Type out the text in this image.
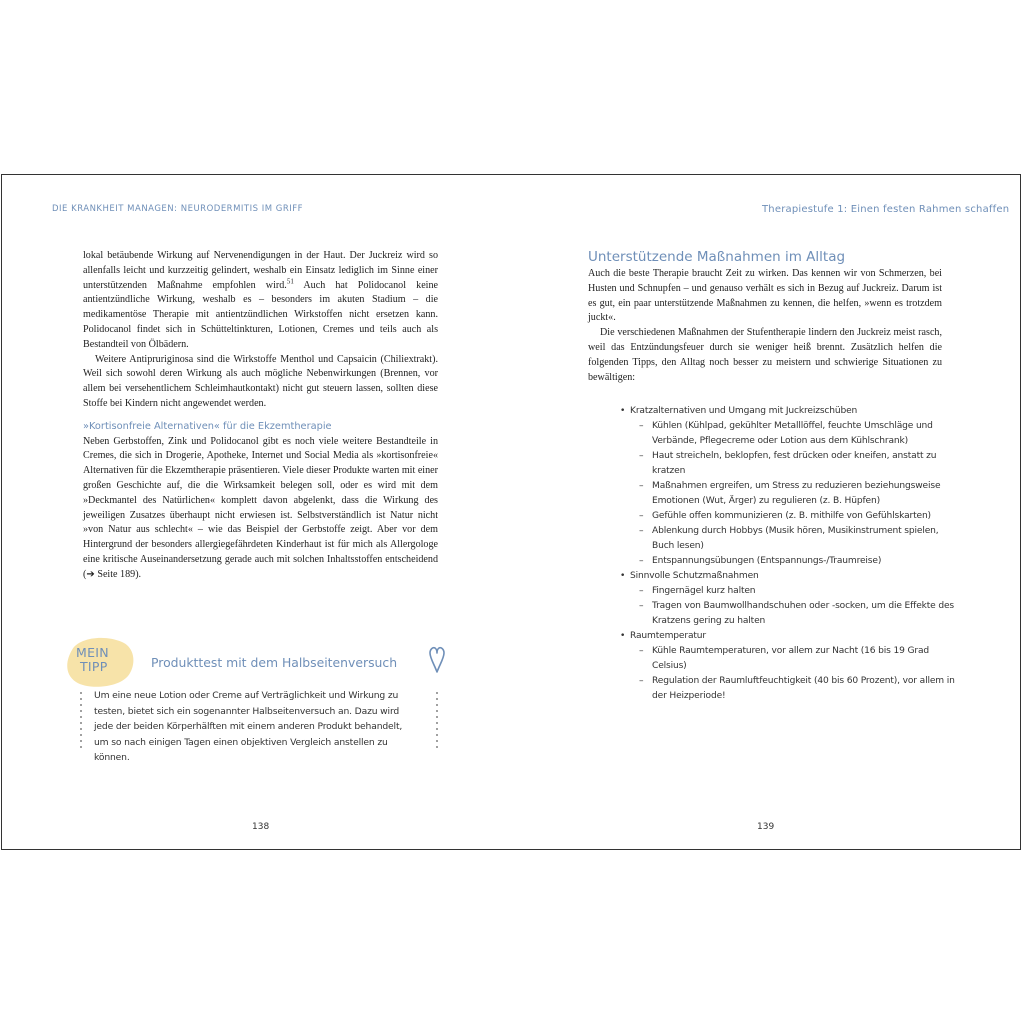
DIE KRANKHEIT MANAGEN: NEURODERMITIS IM GRIFF	Therapiestufe 1: Einen festen Rahmen schaffen

lokal betäubende Wirkung auf Nervenendigungen in der Haut. Der Juckreiz wird so allenfalls leicht und kurzzeitig gelindert, weshalb ein Einsatz lediglich im Sinne einer unterstützenden Maßnahme empfohlen wird.$^{51}$ Auch hat Polidocanol keine antientzündliche Wirkung, weshalb es – besonders im akuten Stadium – die medikamentöse Therapie mit antientzündlichen Wirkstoffen nicht ersetzen kann. Polidocanol findet sich in Schütteltinkturen, Lotionen, Cremes und teils auch als Bestandteil von Ölbädern.

Weitere Antipruriginosa sind die Wirkstoffe Menthol und Capsaicin (Chiliextrakt). Weil sich sowohl deren Wirkung als auch mögliche Nebenwirkungen (Brennen, vor allem bei versehentlichem Schleimhautkontakt) nicht gut steuern lassen, sollten diese Stoffe bei Kindern nicht angewendet werden.

»Kortisonfreie Alternativen« für die Ekzemtherapie

Neben Gerbstoffen, Zink und Polidocanol gibt es noch viele weitere Bestandteile in Cremes, die sich in Drogerie, Apotheke, Internet und Social Media als »kortisonfreie« Alternativen für die Ekzemtherapie präsentieren. Viele dieser Produkte warten mit einer großen Geschichte auf, die die Wirksamkeit belegen soll, oder es wird mit dem »Deckmantel des Natürlichen« komplett davon abgelenkt, dass die Wirkung des jeweiligen Zusatzes überhaupt nicht erwiesen ist. Selbstverständlich ist Natur nicht »von Natur aus schlecht« – wie das Beispiel der Gerbstoffe zeigt. Aber vor dem Hintergrund der besonders allergiegefährdeten Kinderhaut ist für mich als Allergologe eine kritische Auseinandersetzung gerade auch mit solchen Inhaltsstoffen entscheidend (➔ Seite 189).

MEIN
TIPP	Produkttest mit dem Halbseitenversuch
Um eine neue Lotion oder Creme auf Verträglichkeit und Wirkung zu testen, bietet sich ein sogenannter Halbseitenversuch an. Dazu wird jede der beiden Körperhälften mit einem anderen Produkt behandelt, um so nach einigen Tagen einen objektiven Vergleich anstellen zu können.
138
Unterstützende Maßnahmen im Alltag

Auch die beste Therapie braucht Zeit zu wirken. Das kennen wir von Schmerzen, bei Husten und Schnupfen – und genauso verhält es sich in Bezug auf Juckreiz. Darum ist es gut, ein paar unterstützende Maßnahmen zu kennen, die helfen, »wenn es trotzdem juckt«.

Die verschiedenen Maßnahmen der Stufentherapie lindern den Juckreiz meist rasch, weil das Entzündungsfeuer durch sie weniger heiß brennt. Zusätzlich helfen die folgenden Tipps, den Alltag noch besser zu meistern und schwierige Situationen zu bewältigen:

• Kratzalternativen und Umgang mit Juckreizschüben
– Kühlen (Kühlpad, gekühlter Metalllöffel, feuchte Umschläge und Verbände, Pflegecreme oder Lotion aus dem Kühlschrank)
– Haut streicheln, beklopfen, fest drücken oder kneifen, anstatt zu kratzen
– Maßnahmen ergreifen, um Stress zu reduzieren beziehungsweise Emotionen (Wut, Ärger) zu regulieren (z. B. Hüpfen)
– Gefühle offen kommunizieren (z. B. mithilfe von Gefühlskarten)
– Ablenkung durch Hobbys (Musik hören, Musikinstrument spielen, Buch lesen)
– Entspannungsübungen (Entspannungs-/Traumreise)
• Sinnvolle Schutzmaßnahmen
– Fingernägel kurz halten
– Tragen von Baumwollhandschuhen oder -socken, um die Effekte des Kratzens gering zu halten
• Raumtemperatur
– Kühle Raumtemperaturen, vor allem zur Nacht (16 bis 19 Grad Celsius)
– Regulation der Raumluftfeuchtigkeit (40 bis 60 Prozent), vor allem in der Heizperiode!
139
